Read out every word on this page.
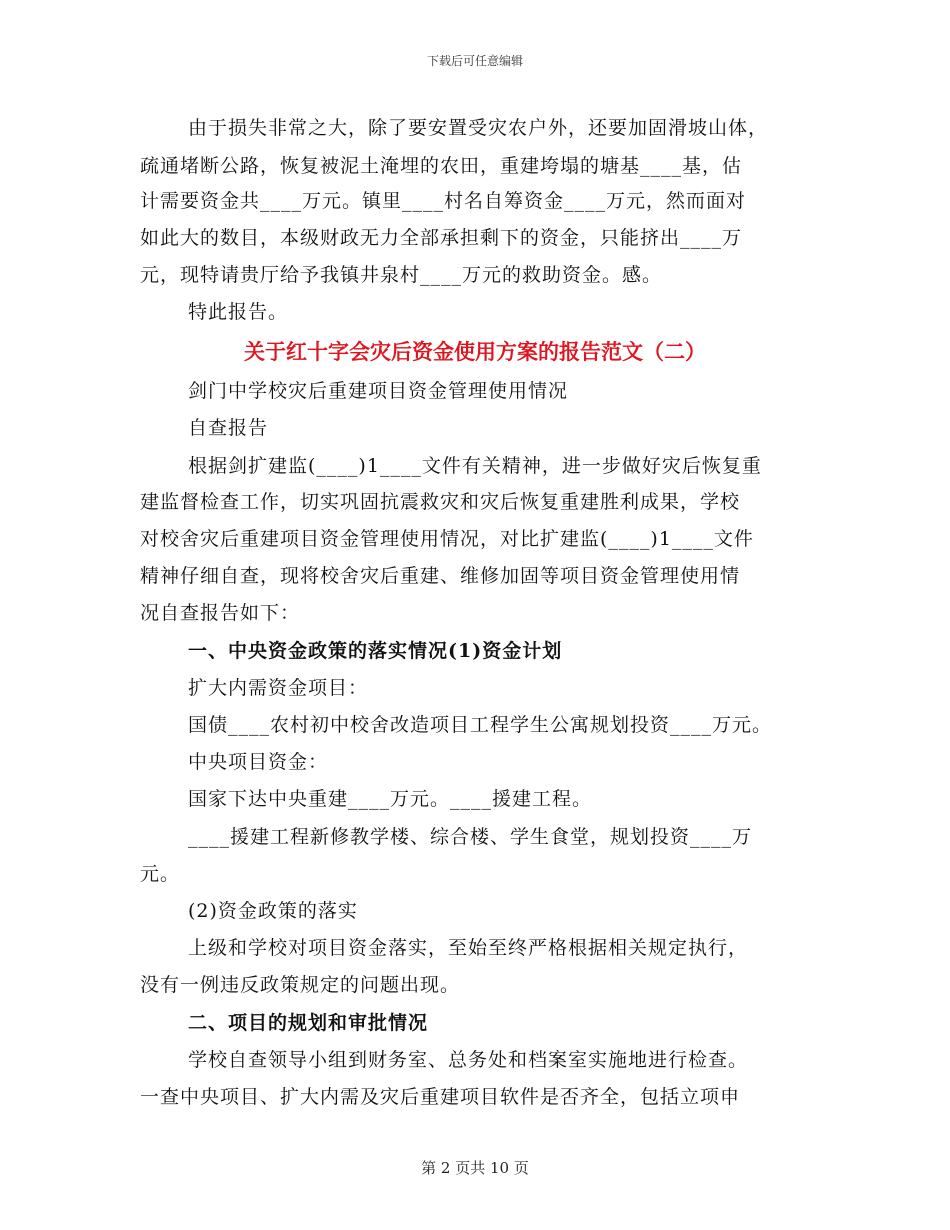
下载后可任意编辑
由于损失非常之大，除了要安置受灾农户外，还要加固滑坡山体，
疏通堵断公路，恢复被泥土淹埋的农田，重建垮塌的塘基____基，估
计需要资金共____万元。镇里____村名自筹资金____万元，然而面对
如此大的数目，本级财政无力全部承担剩下的资金，只能挤出____万
元，现特请贵厅给予我镇井泉村____万元的救助资金。感。
特此报告。
关于红十字会灾后资金使用方案的报告范文（二）
剑门中学校灾后重建项目资金管理使用情况
自查报告
根据剑扩建监(____)1____文件有关精神，进一步做好灾后恢复重
建监督检查工作，切实巩固抗震救灾和灾后恢复重建胜利成果，学校
对校舍灾后重建项目资金管理使用情况，对比扩建监(____)1____文件
精神仔细自查，现将校舍灾后重建、维修加固等项目资金管理使用情
况自查报告如下：
一、中央资金政策的落实情况(1)资金计划
扩大内需资金项目：
国债____农村初中校舍改造项目工程学生公寓规划投资____万元。
中央项目资金：
国家下达中央重建____万元。____援建工程。
____援建工程新修教学楼、综合楼、学生食堂，规划投资____万
元。
(2)资金政策的落实
上级和学校对项目资金落实，至始至终严格根据相关规定执行，
没有一例违反政策规定的问题出现。
二、项目的规划和审批情况
学校自查领导小组到财务室、总务处和档案室实施地进行检查。
一查中央项目、扩大内需及灾后重建项目软件是否齐全，包括立项申
第 2 页共 10 页
